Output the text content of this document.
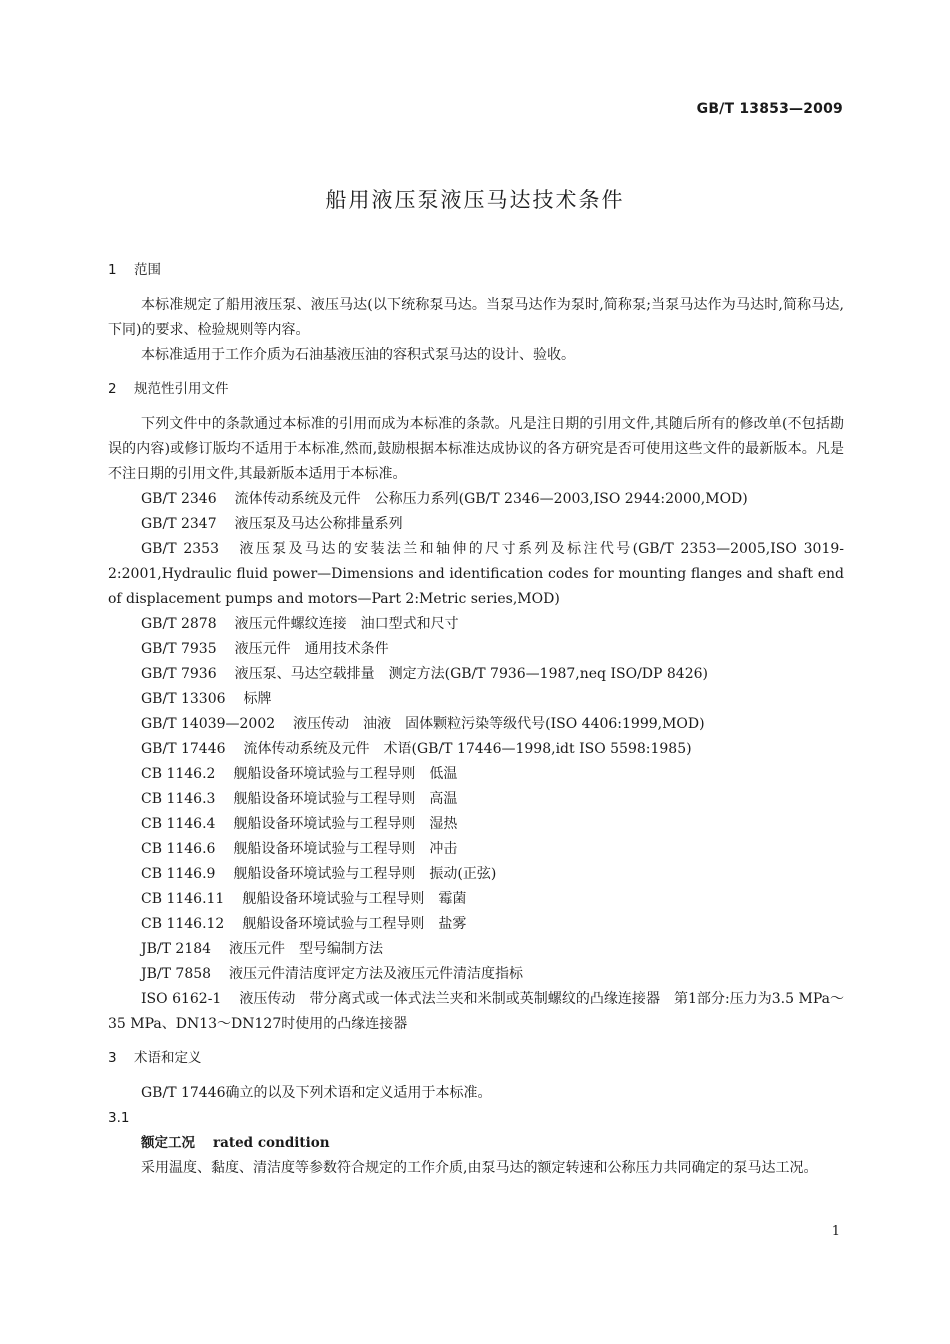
GB/T 13853—2009
船用液压泵液压马达技术条件

1 范围

本标准规定了船用液压泵、液压马达(以下统称泵马达。当泵马达作为泵时,简称泵;当泵马达作为马达时,简称马达,下同)的要求、检验规则等内容。

本标准适用于工作介质为石油基液压油的容积式泵马达的设计、验收。

2 规范性引用文件

下列文件中的条款通过本标准的引用而成为本标准的条款。凡是注日期的引用文件,其随后所有的修改单(不包括勘误的内容)或修订版均不适用于本标准,然而,鼓励根据本标准达成协议的各方研究是否可使用这些文件的最新版本。凡是不注日期的引用文件,其最新版本适用于本标准。

GB/T 2346 流体传动系统及元件　公称压力系列(GB/T 2346—2003,ISO 2944:2000,MOD)

GB/T 2347 液压泵及马达公称排量系列

GB/T 2353 液压泵及马达的安装法兰和轴伸的尺寸系列及标注代号(GB/T 2353—2005,ISO 3019-2:2001,Hydraulic fluid power—Dimensions and identification codes for mounting flanges and shaft end of displacement pumps and motors—Part 2:Metric series,MOD)

GB/T 2878 液压元件螺纹连接　油口型式和尺寸

GB/T 7935 液压元件　通用技术条件

GB/T 7936 液压泵、马达空载排量　测定方法(GB/T 7936—1987,neq ISO/DP 8426)

GB/T 13306 标牌

GB/T 14039—2002 液压传动　油液　固体颗粒污染等级代号(ISO 4406:1999,MOD)

GB/T 17446 流体传动系统及元件　术语(GB/T 17446—1998,idt ISO 5598:1985)

CB 1146.2 舰船设备环境试验与工程导则　低温

CB 1146.3 舰船设备环境试验与工程导则　高温

CB 1146.4 舰船设备环境试验与工程导则　湿热

CB 1146.6 舰船设备环境试验与工程导则　冲击

CB 1146.9 舰船设备环境试验与工程导则　振动(正弦)

CB 1146.11 舰船设备环境试验与工程导则　霉菌

CB 1146.12 舰船设备环境试验与工程导则　盐雾

JB/T 2184 液压元件　型号编制方法

JB/T 7858 液压元件清洁度评定方法及液压元件清洁度指标

ISO 6162-1 液压传动　带分离式或一体式法兰夹和米制或英制螺纹的凸缘连接器　第1部分:压力为3.5 MPa～35 MPa、DN13～DN127时使用的凸缘连接器

3 术语和定义

GB/T 17446确立的以及下列术语和定义适用于本标准。

3.1

额定工况 rated condition

采用温度、黏度、清洁度等参数符合规定的工作介质,由泵马达的额定转速和公称压力共同确定的泵马达工况。

1
